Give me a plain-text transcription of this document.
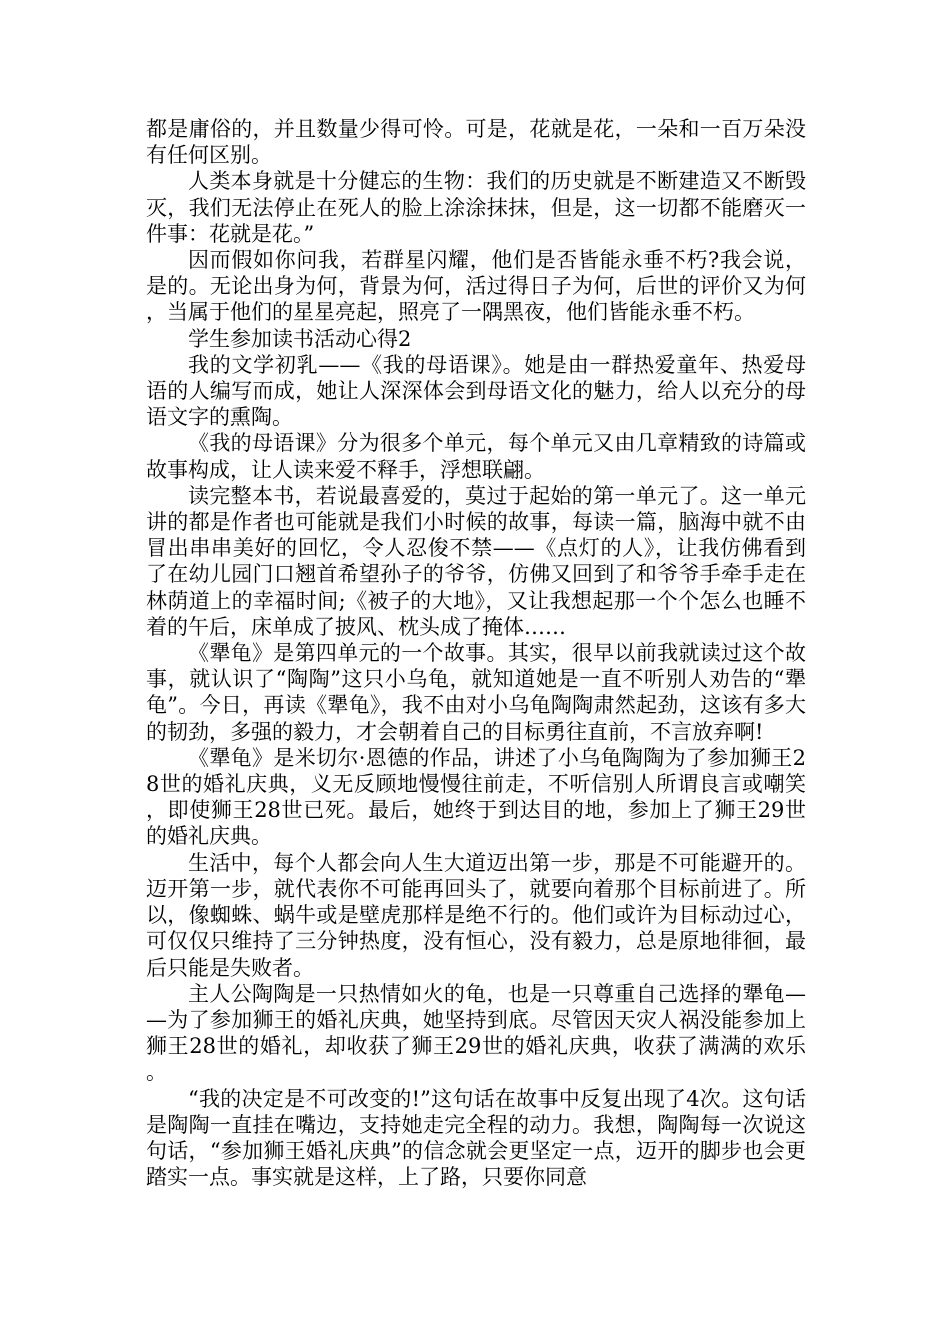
都是庸俗的，并且数量少得可怜。可是，花就是花，一朵和一百万朵没有任何区别。

人类本身就是十分健忘的生物：我们的历史就是不断建造又不断毁灭，我们无法停止在死人的脸上涂涂抹抹，但是，这一切都不能磨灭一件事：花就是花。”

因而假如你问我，若群星闪耀，他们是否皆能永垂不朽?我会说，是的。无论出身为何，背景为何，活过得日子为何，后世的评价又为何，当属于他们的星星亮起，照亮了一隅黑夜，他们皆能永垂不朽。

学生参加读书活动心得2

我的文学初乳——《我的母语课》。她是由一群热爱童年、热爱母语的人编写而成，她让人深深体会到母语文化的魅力，给人以充分的母语文字的熏陶。

《我的母语课》分为很多个单元，每个单元又由几章精致的诗篇或故事构成，让人读来爱不释手，浮想联翩。

读完整本书，若说最喜爱的，莫过于起始的第一单元了。这一单元讲的都是作者也可能就是我们小时候的故事，每读一篇，脑海中就不由冒出串串美好的回忆，令人忍俊不禁——《点灯的人》，让我仿佛看到了在幼儿园门口翘首希望孙子的爷爷，仿佛又回到了和爷爷手牵手走在林荫道上的幸福时间;《被子的大地》，又让我想起那一个个怎么也睡不着的午后，床单成了披风、枕头成了掩体……

《犟龟》是第四单元的一个故事。其实，很早以前我就读过这个故事，就认识了“陶陶”这只小乌龟，就知道她是一直不听别人劝告的“犟龟”。今日，再读《犟龟》，我不由对小乌龟陶陶肃然起劲，这该有多大的韧劲，多强的毅力，才会朝着自己的目标勇往直前，不言放弃啊!

《犟龟》是米切尔·恩德的作品，讲述了小乌龟陶陶为了参加狮王28世的婚礼庆典，义无反顾地慢慢往前走，不听信别人所谓良言或嘲笑，即使狮王28世已死。最后，她终于到达目的地，参加上了狮王29世的婚礼庆典。

生活中，每个人都会向人生大道迈出第一步，那是不可能避开的。迈开第一步，就代表你不可能再回头了，就要向着那个目标前进了。所以，像蜘蛛、蜗牛或是壁虎那样是绝不行的。他们或许为目标动过心，可仅仅只维持了三分钟热度，没有恒心，没有毅力，总是原地徘徊，最后只能是失败者。

主人公陶陶是一只热情如火的龟，也是一只尊重自己选择的犟龟——为了参加狮王的婚礼庆典，她坚持到底。尽管因天灾人祸没能参加上狮王28世的婚礼，却收获了狮王29世的婚礼庆典，收获了满满的欢乐。

“我的决定是不可改变的!”这句话在故事中反复出现了4次。这句话是陶陶一直挂在嘴边，支持她走完全程的动力。我想，陶陶每一次说这句话，“参加狮王婚礼庆典”的信念就会更坚定一点，迈开的脚步也会更踏实一点。事实就是这样，上了路，只要你同意
